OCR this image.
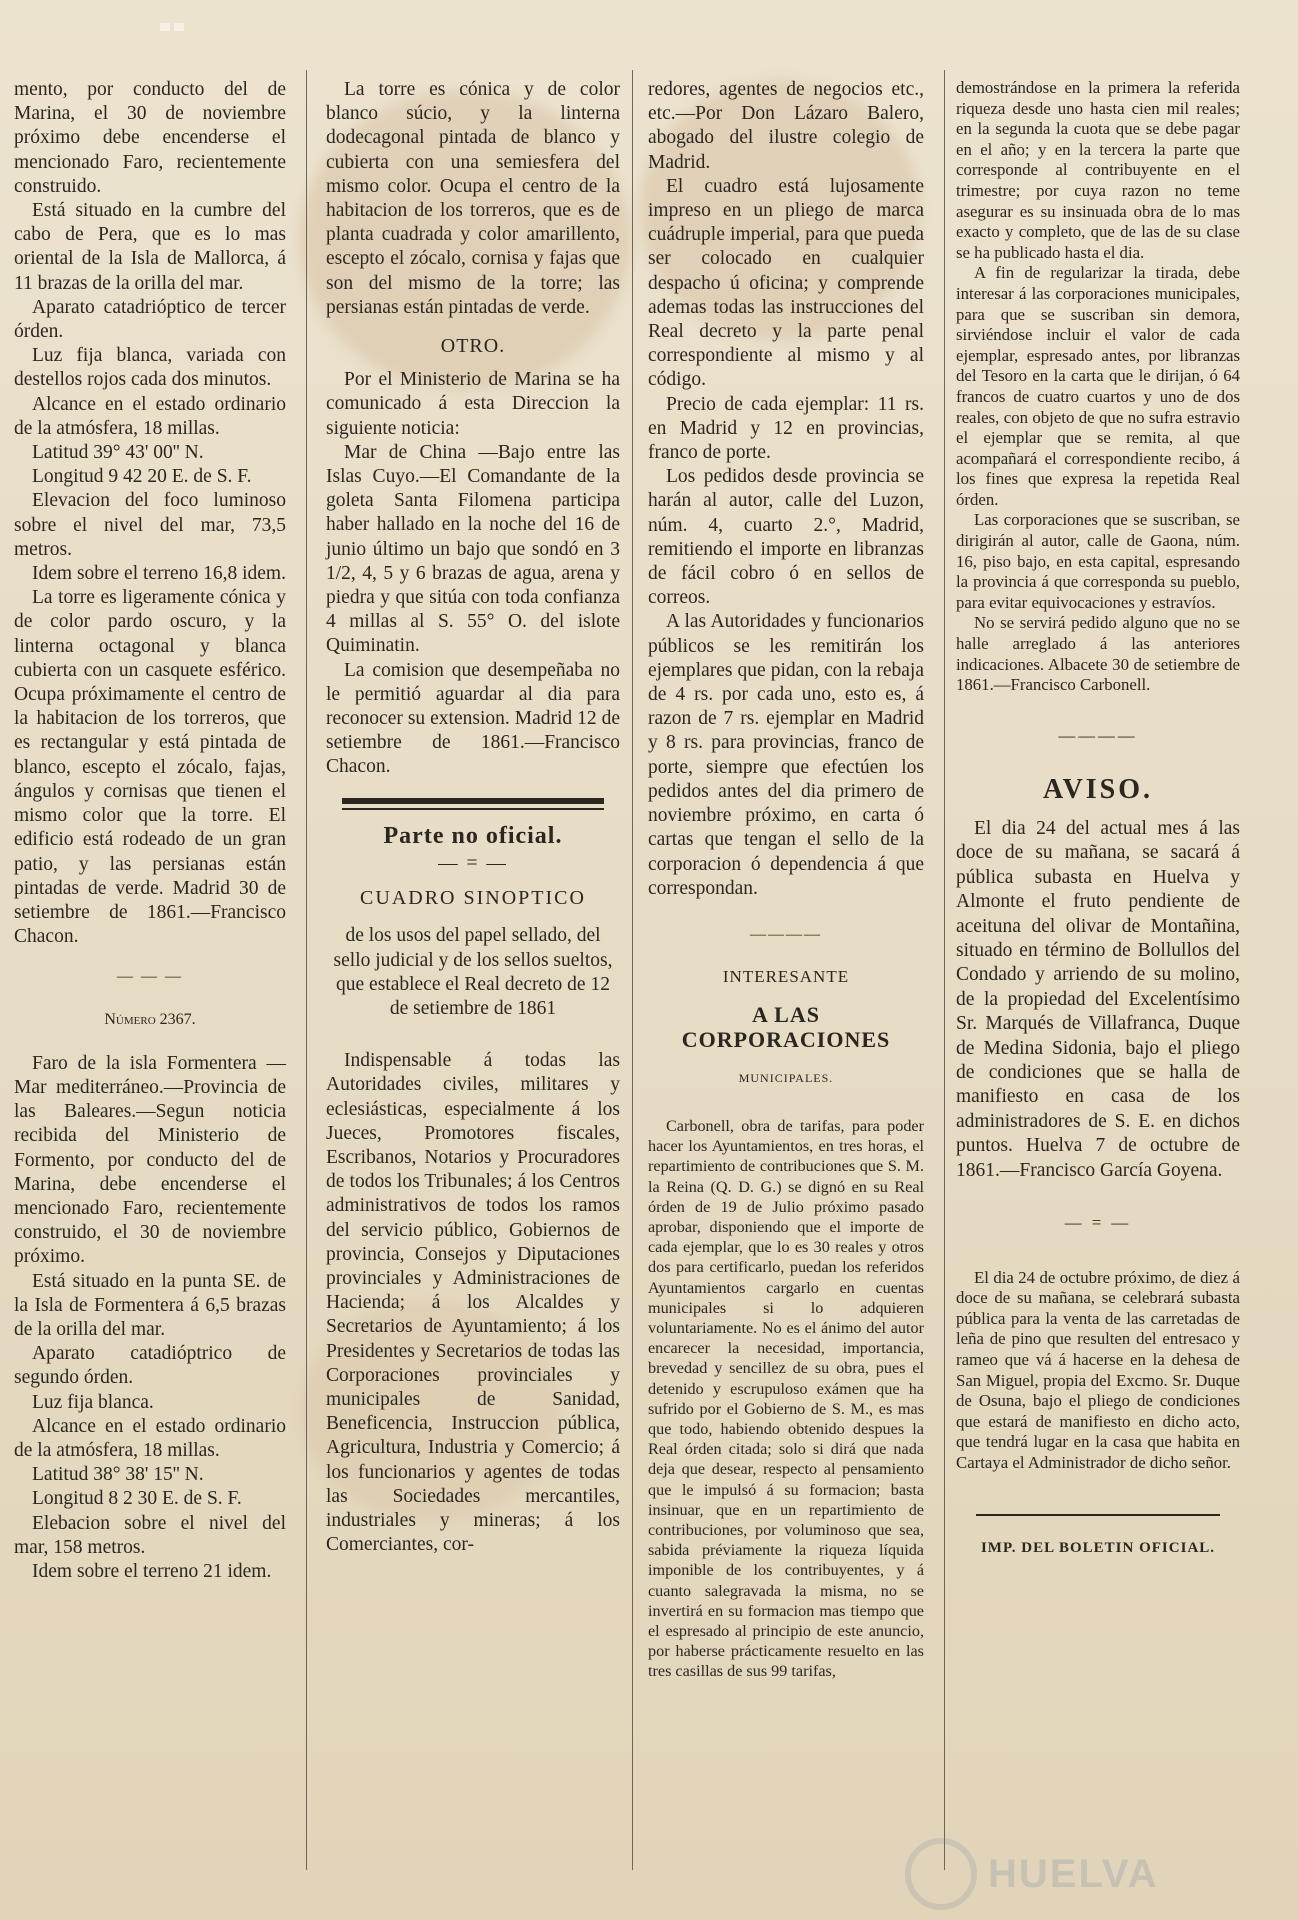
mento, por conducto del de Marina, el 30 de noviembre próximo debe encenderse el mencionado Faro, recientemente construido.

Está situado en la cumbre del cabo de Pera, que es lo mas oriental de la Isla de Mallorca, á 11 brazas de la orilla del mar.

Aparato catadrióptico de tercer órden.

Luz fija blanca, variada con destellos rojos cada dos minutos.

Alcance en el estado ordinario de la atmósfera, 18 millas.

Latitud 39° 43' 00'' N.

Longitud 9 42 20 E. de S. F.

Elevacion del foco luminoso sobre el nivel del mar, 73,5 metros.

Idem sobre el terreno 16,8 idem.

La torre es ligeramente cónica y de color pardo oscuro, y la linterna octagonal y blanca cubierta con un casquete esférico. Ocupa próximamente el centro de la habitacion de los torreros, que es rectangular y está pintada de blanco, escepto el zócalo, fajas, ángulos y cornisas que tienen el mismo color que la torre. El edificio está rodeado de un gran patio, y las persianas están pintadas de verde. Madrid 30 de setiembre de 1861.—Francisco Chacon.

— — —
Número 2367.

Faro de la isla Formentera —Mar mediterráneo.—Provincia de las Baleares.—Segun noticia recibida del Ministerio de Formento, por conducto del de Marina, debe encenderse el mencionado Faro, recientemente construido, el 30 de noviembre próximo.

Está situado en la punta SE. de la Isla de Formentera á 6,5 brazas de la orilla del mar.

Aparato catadióptrico de segundo órden.

Luz fija blanca.

Alcance en el estado ordinario de la atmósfera, 18 millas.

Latitud 38° 38' 15'' N.

Longitud 8 2 30 E. de S. F.

Elebacion sobre el nivel del mar, 158 metros.

Idem sobre el terreno 21 idem.

La torre es cónica y de color blanco súcio, y la linterna dodecagonal pintada de blanco y cubierta con una semiesfera del mismo color. Ocupa el centro de la habitacion de los torreros, que es de planta cuadrada y color amarillento, escepto el zócalo, cornisa y fajas que son del mismo de la torre; las persianas están pintadas de verde.

OTRO.

Por el Ministerio de Marina se ha comunicado á esta Direccion la siguiente noticia:

Mar de China —Bajo entre las Islas Cuyo.—El Comandante de la goleta Santa Filomena participa haber hallado en la noche del 16 de junio último un bajo que sondó en 3 1/2, 4, 5 y 6 brazas de agua, arena y piedra y que sitúa con toda confianza 4 millas al S. 55° O. del islote Quiminatin.

La comision que desempeñaba no le permitió aguardar al dia para reconocer su extension. Madrid 12 de setiembre de 1861.—Francisco Chacon.

Parte no oficial.
— = —
CUADRO SINOPTICO

de los usos del papel sellado, del sello judicial y de los sellos sueltos, que establece el Real decreto de 12 de setiembre de 1861

Indispensable á todas las Autoridades civiles, militares y eclesiásticas, especialmente á los Jueces, Promotores fiscales, Escribanos, Notarios y Procuradores de todos los Tribunales; á los Centros administrativos de todos los ramos del servicio público, Gobiernos de provincia, Consejos y Diputaciones provinciales y Administraciones de Hacienda; á los Alcaldes y Secretarios de Ayuntamiento; á los Presidentes y Secretarios de todas las Corporaciones provinciales y municipales de Sanidad, Beneficencia, Instruccion pública, Agricultura, Industria y Comercio; á los funcionarios y agentes de todas las Sociedades mercantiles, industriales y mineras; á los Comerciantes, cor-

redores, agentes de negocios etc., etc.—Por Don Lázaro Balero, abogado del ilustre colegio de Madrid.

El cuadro está lujosamente impreso en un pliego de marca cuádruple imperial, para que pueda ser colocado en cualquier despacho ú oficina; y comprende ademas todas las instrucciones del Real decreto y la parte penal correspondiente al mismo y al código.

Precio de cada ejemplar: 11 rs. en Madrid y 12 en provincias, franco de porte.

Los pedidos desde provincia se harán al autor, calle del Luzon, núm. 4, cuarto 2.°, Madrid, remitiendo el importe en libranzas de fácil cobro ó en sellos de correos.

A las Autoridades y funcionarios públicos se les remitirán los ejemplares que pidan, con la rebaja de 4 rs. por cada uno, esto es, á razon de 7 rs. ejemplar en Madrid y 8 rs. para provincias, franco de porte, siempre que efectúen los pedidos antes del dia primero de noviembre próximo, en carta ó cartas que tengan el sello de la corporacion ó dependencia á que correspondan.

————
INTERESANTE
A LAS CORPORACIONES
MUNICIPALES.

Carbonell, obra de tarifas, para poder hacer los Ayuntamientos, en tres horas, el repartimiento de contribuciones que S. M. la Reina (Q. D. G.) se dignó en su Real órden de 19 de Julio próximo pasado aprobar, disponiendo que el importe de cada ejemplar, que lo es 30 reales y otros dos para certificarlo, puedan los referidos Ayuntamientos cargarlo en cuentas municipales si lo adquieren voluntariamente. No es el ánimo del autor encarecer la necesidad, importancia, brevedad y sencillez de su obra, pues el detenido y escrupuloso exámen que ha sufrido por el Gobierno de S. M., es mas que todo, habiendo obtenido despues la Real órden citada; solo si dirá que nada deja que desear, respecto al pensamiento que le impulsó á su formacion; basta insinuar, que en un repartimiento de contribuciones, por voluminoso que sea, sabida préviamente la riqueza líquida imponible de los contribuyentes, y á cuanto salegravada la misma, no se invertirá en su formacion mas tiempo que el espresado al principio de este anuncio, por haberse prácticamente resuelto en las tres casillas de sus 99 tarifas,

demostrándose en la primera la referida riqueza desde uno hasta cien mil reales; en la segunda la cuota que se debe pagar en el año; y en la tercera la parte que corresponde al contribuyente en el trimestre; por cuya razon no teme asegurar es su insinuada obra de lo mas exacto y completo, que de las de su clase se ha publicado hasta el dia.

A fin de regularizar la tirada, debe interesar á las corporaciones municipales, para que se suscriban sin demora, sirviéndose incluir el valor de cada ejemplar, espresado antes, por libranzas del Tesoro en la carta que le dirijan, ó 64 francos de cuatro cuartos y uno de dos reales, con objeto de que no sufra estravio el ejemplar que se remita, al que acompañará el correspondiente recibo, á los fines que expresa la repetida Real órden.

Las corporaciones que se suscriban, se dirigirán al autor, calle de Gaona, núm. 16, piso bajo, en esta capital, espresando la provincia á que corresponda su pueblo, para evitar equivocaciones y estravíos.

No se servirá pedido alguno que no se halle arreglado á las anteriores indicaciones. Albacete 30 de setiembre de 1861.—Francisco Carbonell.

————
AVISO.

El dia 24 del actual mes á las doce de su mañana, se sacará á pública subasta en Huelva y Almonte el fruto pendiente de aceituna del olivar de Montañina, situado en término de Bollullos del Condado y arriendo de su molino, de la propiedad del Excelentísimo Sr. Marqués de Villafranca, Duque de Medina Sidonia, bajo el pliego de condiciones que se halla de manifiesto en casa de los administradores de S. E. en dichos puntos. Huelva 7 de octubre de 1861.—Francisco García Goyena.

— = —

El dia 24 de octubre próximo, de diez á doce de su mañana, se celebrará subasta pública para la venta de las carretadas de leña de pino que resulten del entresaco y rameo que vá á hacerse en la dehesa de San Miguel, propia del Excmo. Sr. Duque de Osuna, bajo el pliego de condiciones que estará de manifiesto en dicho acto, que tendrá lugar en la casa que habita en Cartaya el Administrador de dicho señor.

IMP. DEL BOLETIN OFICIAL.
HUELVA
